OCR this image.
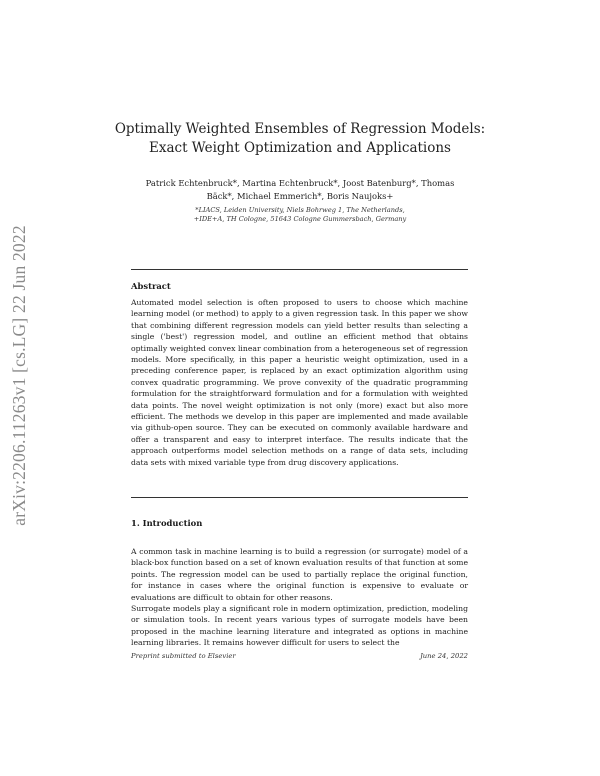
arXiv:2206.11263v1 [cs.LG] 22 Jun 2022
Optimally Weighted Ensembles of Regression Models:
Exact Weight Optimization and Applications
Patrick Echtenbruck*, Martina Echtenbruck*, Joost Batenburg*, Thomas
Bäck*, Michael Emmerich*, Boris Naujoks+
*LIACS, Leiden University, Niels Bohrweg 1, The Netherlands,
+IDE+A, TH Cologne, 51643 Cologne Gummersbach, Germany
Abstract
Automated model selection is often proposed to users to choose which machine learning model (or method) to apply to a given regression task. In this paper we show that combining different regression models can yield better results than selecting a single ('best') regression model, and outline an efficient method that obtains optimally weighted convex linear combination from a heterogeneous set of regression models. More specifically, in this paper a heuristic weight optimization, used in a preceding conference paper, is replaced by an exact optimization algorithm using convex quadratic programming. We prove convexity of the quadratic programming formulation for the straightforward formulation and for a formulation with weighted data points. The novel weight optimization is not only (more) exact but also more efficient. The methods we develop in this paper are implemented and made available via github-open source. They can be executed on commonly available hardware and offer a transparent and easy to interpret interface. The results indicate that the approach outperforms model selection methods on a range of data sets, including data sets with mixed variable type from drug discovery applications.
1. Introduction
A common task in machine learning is to build a regression (or surrogate) model of a black-box function based on a set of known evaluation results of that function at some points. The regression model can be used to partially replace the original function, for instance in cases where the original function is expensive to evaluate or evaluations are difficult to obtain for other reasons.
Surrogate models play a significant role in modern optimization, prediction, modeling or simulation tools. In recent years various types of surrogate models have been proposed in the machine learning literature and integrated as options in machine learning libraries. It remains however difficult for users to select the
Preprint submitted to Elsevier	June 24, 2022
